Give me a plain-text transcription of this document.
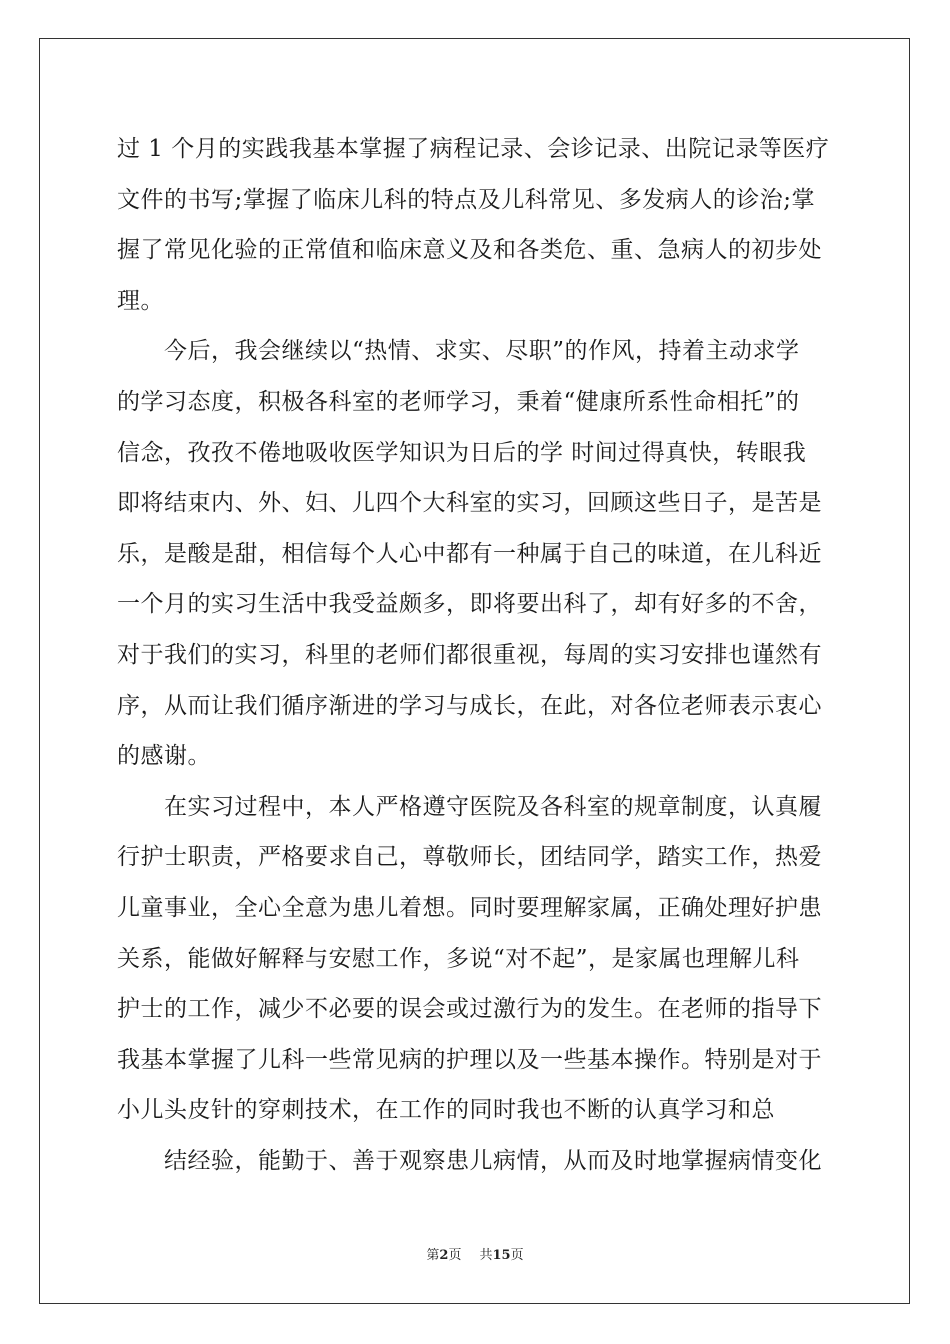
过 1 个月的实践我基本掌握了病程记录、会诊记录、出院记录等医疗
文件的书写;掌握了临床儿科的特点及儿科常见、多发病人的诊治;掌
握了常见化验的正常值和临床意义及和各类危、重、急病人的初步处
理。
今后，我会继续以“热情、求实、尽职”的作风，持着主动求学
的学习态度，积极各科室的老师学习，秉着“健康所系性命相托”的
信念，孜孜不倦地吸收医学知识为日后的学 时间过得真快，转眼我
即将结束内、外、妇、儿四个大科室的实习，回顾这些日子，是苦是
乐，是酸是甜，相信每个人心中都有一种属于自己的味道，在儿科近
一个月的实习生活中我受益颇多，即将要出科了，却有好多的不舍，
对于我们的实习，科里的老师们都很重视，每周的实习安排也谨然有
序，从而让我们循序渐进的学习与成长，在此，对各位老师表示衷心
的感谢。
在实习过程中，本人严格遵守医院及各科室的规章制度，认真履
行护士职责，严格要求自己，尊敬师长，团结同学，踏实工作，热爱
儿童事业，全心全意为患儿着想。同时要理解家属，正确处理好护患
关系，能做好解释与安慰工作，多说“对不起”，是家属也理解儿科
护士的工作，减少不必要的误会或过激行为的发生。在老师的指导下
我基本掌握了儿科一些常见病的护理以及一些基本操作。特别是对于
小儿头皮针的穿刺技术，在工作的同时我也不断的认真学习和总
结经验，能勤于、善于观察患儿病情，从而及时地掌握病情变化
第2页 共15页
